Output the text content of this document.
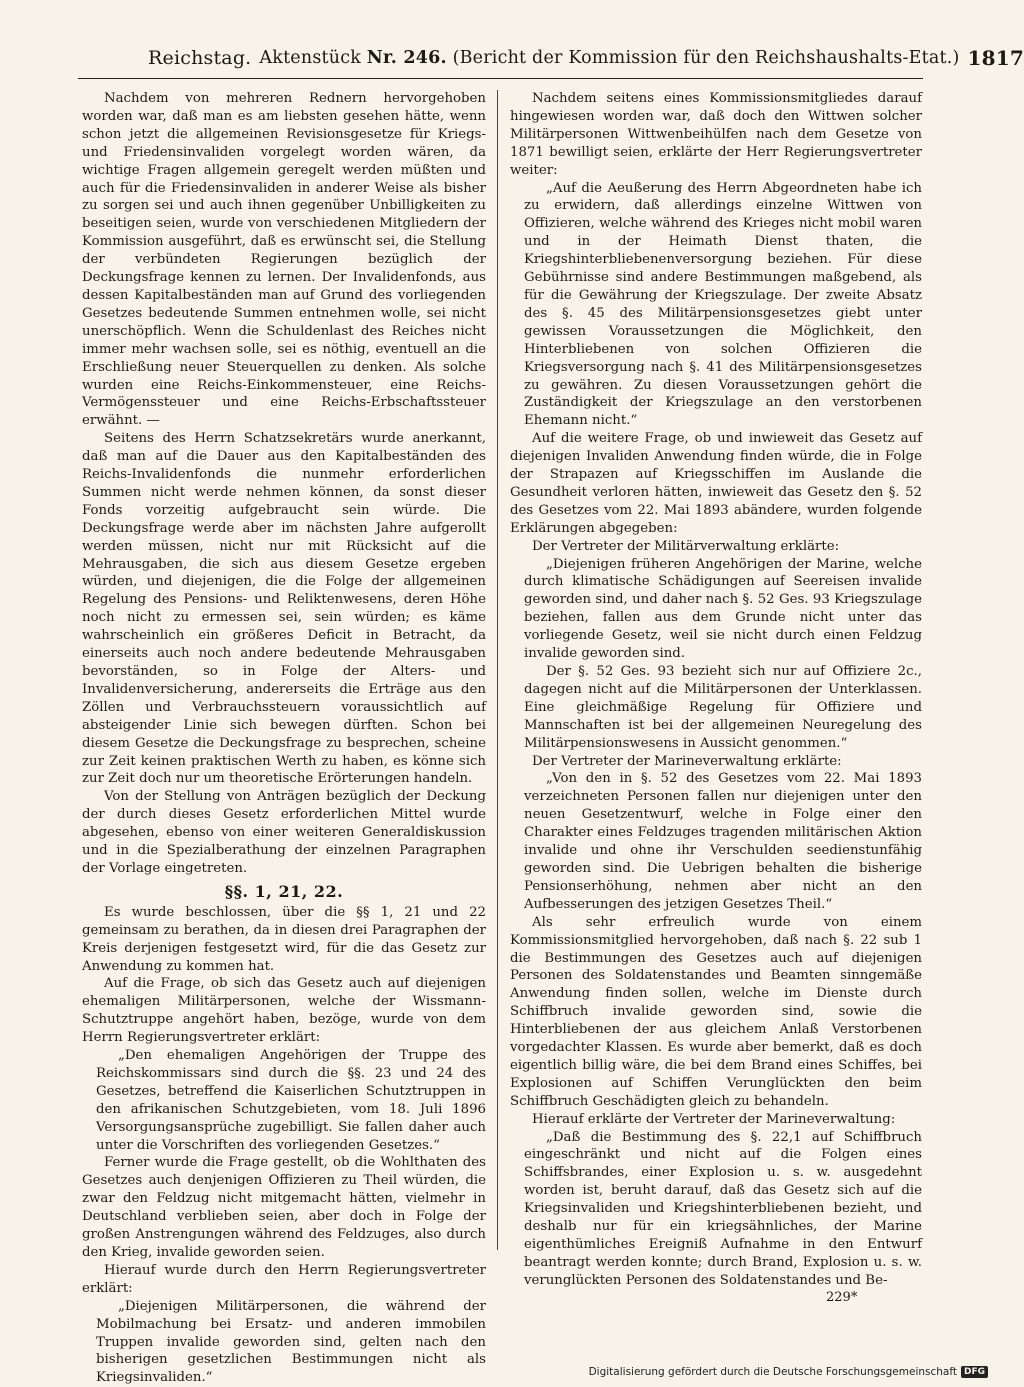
Reichstag. Aktenstück Nr. 246. (Bericht der Kommission für den Reichshaushalts-Etat.) 1817

Nachdem von mehreren Rednern hervorgehoben worden war, daß man es am liebsten gesehen hätte, wenn schon jetzt die allgemeinen Revisionsgesetze für Kriegs- und Friedensinvaliden vorgelegt worden wären, da wichtige Fragen allgemein geregelt werden müßten und auch für die Friedensinvaliden in anderer Weise als bisher zu sorgen sei und auch ihnen gegenüber Unbilligkeiten zu beseitigen seien, wurde von verschiedenen Mitgliedern der Kommission ausgeführt, daß es erwünscht sei, die Stellung der verbündeten Regierungen bezüglich der Deckungsfrage kennen zu lernen. Der Invalidenfonds, aus dessen Kapitalbeständen man auf Grund des vorliegenden Gesetzes bedeutende Summen entnehmen wolle, sei nicht unerschöpflich. Wenn die Schuldenlast des Reiches nicht immer mehr wachsen solle, sei es nöthig, eventuell an die Erschließung neuer Steuerquellen zu denken. Als solche wurden eine Reichs-Einkommensteuer, eine Reichs-Vermögenssteuer und eine Reichs-Erbschaftssteuer erwähnt. —

Seitens des Herrn Schatzsekretärs wurde anerkannt, daß man auf die Dauer aus den Kapitalbeständen des Reichs-Invalidenfonds die nunmehr erforderlichen Summen nicht werde nehmen können, da sonst dieser Fonds vorzeitig aufgebraucht sein würde. Die Deckungsfrage werde aber im nächsten Jahre aufgerollt werden müssen, nicht nur mit Rücksicht auf die Mehrausgaben, die sich aus diesem Gesetze ergeben würden, und diejenigen, die die Folge der allgemeinen Regelung des Pensions- und Reliktenwesens, deren Höhe noch nicht zu ermessen sei, sein würden; es käme wahrscheinlich ein größeres Deficit in Betracht, da einerseits auch noch andere bedeutende Mehrausgaben bevorständen, so in Folge der Alters- und Invalidenversicherung, andererseits die Erträge aus den Zöllen und Verbrauchssteuern voraussichtlich auf absteigender Linie sich bewegen dürften. Schon bei diesem Gesetze die Deckungsfrage zu besprechen, scheine zur Zeit keinen praktischen Werth zu haben, es könne sich zur Zeit doch nur um theoretische Erörterungen handeln.

Von der Stellung von Anträgen bezüglich der Deckung der durch dieses Gesetz erforderlichen Mittel wurde abgesehen, ebenso von einer weiteren Generaldiskussion und in die Spezialberathung der einzelnen Paragraphen der Vorlage eingetreten.

§§. 1, 21, 22.

Es wurde beschlossen, über die §§ 1, 21 und 22 gemeinsam zu berathen, da in diesen drei Paragraphen der Kreis derjenigen festgesetzt wird, für die das Gesetz zur Anwendung zu kommen hat.

Auf die Frage, ob sich das Gesetz auch auf diejenigen ehemaligen Militärpersonen, welche der Wissmann-Schutztruppe angehört haben, bezöge, wurde von dem Herrn Regierungsvertreter erklärt:

„Den ehemaligen Angehörigen der Truppe des Reichskommissars sind durch die §§. 23 und 24 des Gesetzes, betreffend die Kaiserlichen Schutztruppen in den afrikanischen Schutzgebieten, vom 18. Juli 1896 Versorgungsansprüche zugebilligt. Sie fallen daher auch unter die Vorschriften des vorliegenden Gesetzes.“

Ferner wurde die Frage gestellt, ob die Wohlthaten des Gesetzes auch denjenigen Offizieren zu Theil würden, die zwar den Feldzug nicht mitgemacht hätten, vielmehr in Deutschland verblieben seien, aber doch in Folge der großen Anstrengungen während des Feldzuges, also durch den Krieg, invalide geworden seien.

Hierauf wurde durch den Herrn Regierungsvertreter erklärt:

„Diejenigen Militärpersonen, die während der Mobilmachung bei Ersatz- und anderen immobilen Truppen invalide geworden sind, gelten nach den bisherigen gesetzlichen Bestimmungen nicht als Kriegsinvaliden.“

Nachdem seitens eines Kommissionsmitgliedes darauf hingewiesen worden war, daß doch den Wittwen solcher Militärpersonen Wittwenbeihülfen nach dem Gesetze von 1871 bewilligt seien, erklärte der Herr Regierungsvertreter weiter:

„Auf die Aeußerung des Herrn Abgeordneten habe ich zu erwidern, daß allerdings einzelne Wittwen von Offizieren, welche während des Krieges nicht mobil waren und in der Heimath Dienst thaten, die Kriegshinterbliebenenversorgung beziehen. Für diese Gebührnisse sind andere Bestimmungen maßgebend, als für die Gewährung der Kriegszulage. Der zweite Absatz des §. 45 des Militärpensionsgesetzes giebt unter gewissen Voraussetzungen die Möglichkeit, den Hinterbliebenen von solchen Offizieren die Kriegsversorgung nach §. 41 des Militärpensionsgesetzes zu gewähren. Zu diesen Voraussetzungen gehört die Zuständigkeit der Kriegszulage an den verstorbenen Ehemann nicht.“

Auf die weitere Frage, ob und inwieweit das Gesetz auf diejenigen Invaliden Anwendung finden würde, die in Folge der Strapazen auf Kriegsschiffen im Auslande die Gesundheit verloren hätten, inwieweit das Gesetz den §. 52 des Gesetzes vom 22. Mai 1893 abändere, wurden folgende Erklärungen abgegeben:

Der Vertreter der Militärverwaltung erklärte:

„Diejenigen früheren Angehörigen der Marine, welche durch klimatische Schädigungen auf Seereisen invalide geworden sind, und daher nach §. 52 Ges. 93 Kriegszulage beziehen, fallen aus dem Grunde nicht unter das vorliegende Gesetz, weil sie nicht durch einen Feldzug invalide geworden sind.

Der §. 52 Ges. 93 bezieht sich nur auf Offiziere 2c., dagegen nicht auf die Militärpersonen der Unterklassen. Eine gleichmäßige Regelung für Offiziere und Mannschaften ist bei der allgemeinen Neuregelung des Militärpensionswesens in Aussicht genommen.“

Der Vertreter der Marineverwaltung erklärte:

„Von den in §. 52 des Gesetzes vom 22. Mai 1893 verzeichneten Personen fallen nur diejenigen unter den neuen Gesetzentwurf, welche in Folge einer den Charakter eines Feldzuges tragenden militärischen Aktion invalide und ohne ihr Verschulden seedienstunfähig geworden sind. Die Uebrigen behalten die bisherige Pensionserhöhung, nehmen aber nicht an den Aufbesserungen des jetzigen Gesetzes Theil.“

Als sehr erfreulich wurde von einem Kommissionsmitglied hervorgehoben, daß nach §. 22 sub 1 die Bestimmungen des Gesetzes auch auf diejenigen Personen des Soldatenstandes und Beamten sinngemäße Anwendung finden sollen, welche im Dienste durch Schiffbruch invalide geworden sind, sowie die Hinterbliebenen der aus gleichem Anlaß Verstorbenen vorgedachter Klassen. Es wurde aber bemerkt, daß es doch eigentlich billig wäre, die bei dem Brand eines Schiffes, bei Explosionen auf Schiffen Verunglückten den beim Schiffbruch Geschädigten gleich zu behandeln.

Hierauf erklärte der Vertreter der Marineverwaltung:

„Daß die Bestimmung des §. 22,1 auf Schiffbruch eingeschränkt und nicht auf die Folgen eines Schiffsbrandes, einer Explosion u. s. w. ausgedehnt worden ist, beruht darauf, daß das Gesetz sich auf die Kriegsinvaliden und Kriegshinterbliebenen bezieht, und deshalb nur für ein kriegsähnliches, der Marine eigenthümliches Ereigniß Aufnahme in den Entwurf beantragt werden konnte; durch Brand, Explosion u. s. w. verunglückten Personen des Soldatenstandes und Be-

229*
Digitalisierung gefördert durch die Deutsche Forschungsgemeinschaft DFG
